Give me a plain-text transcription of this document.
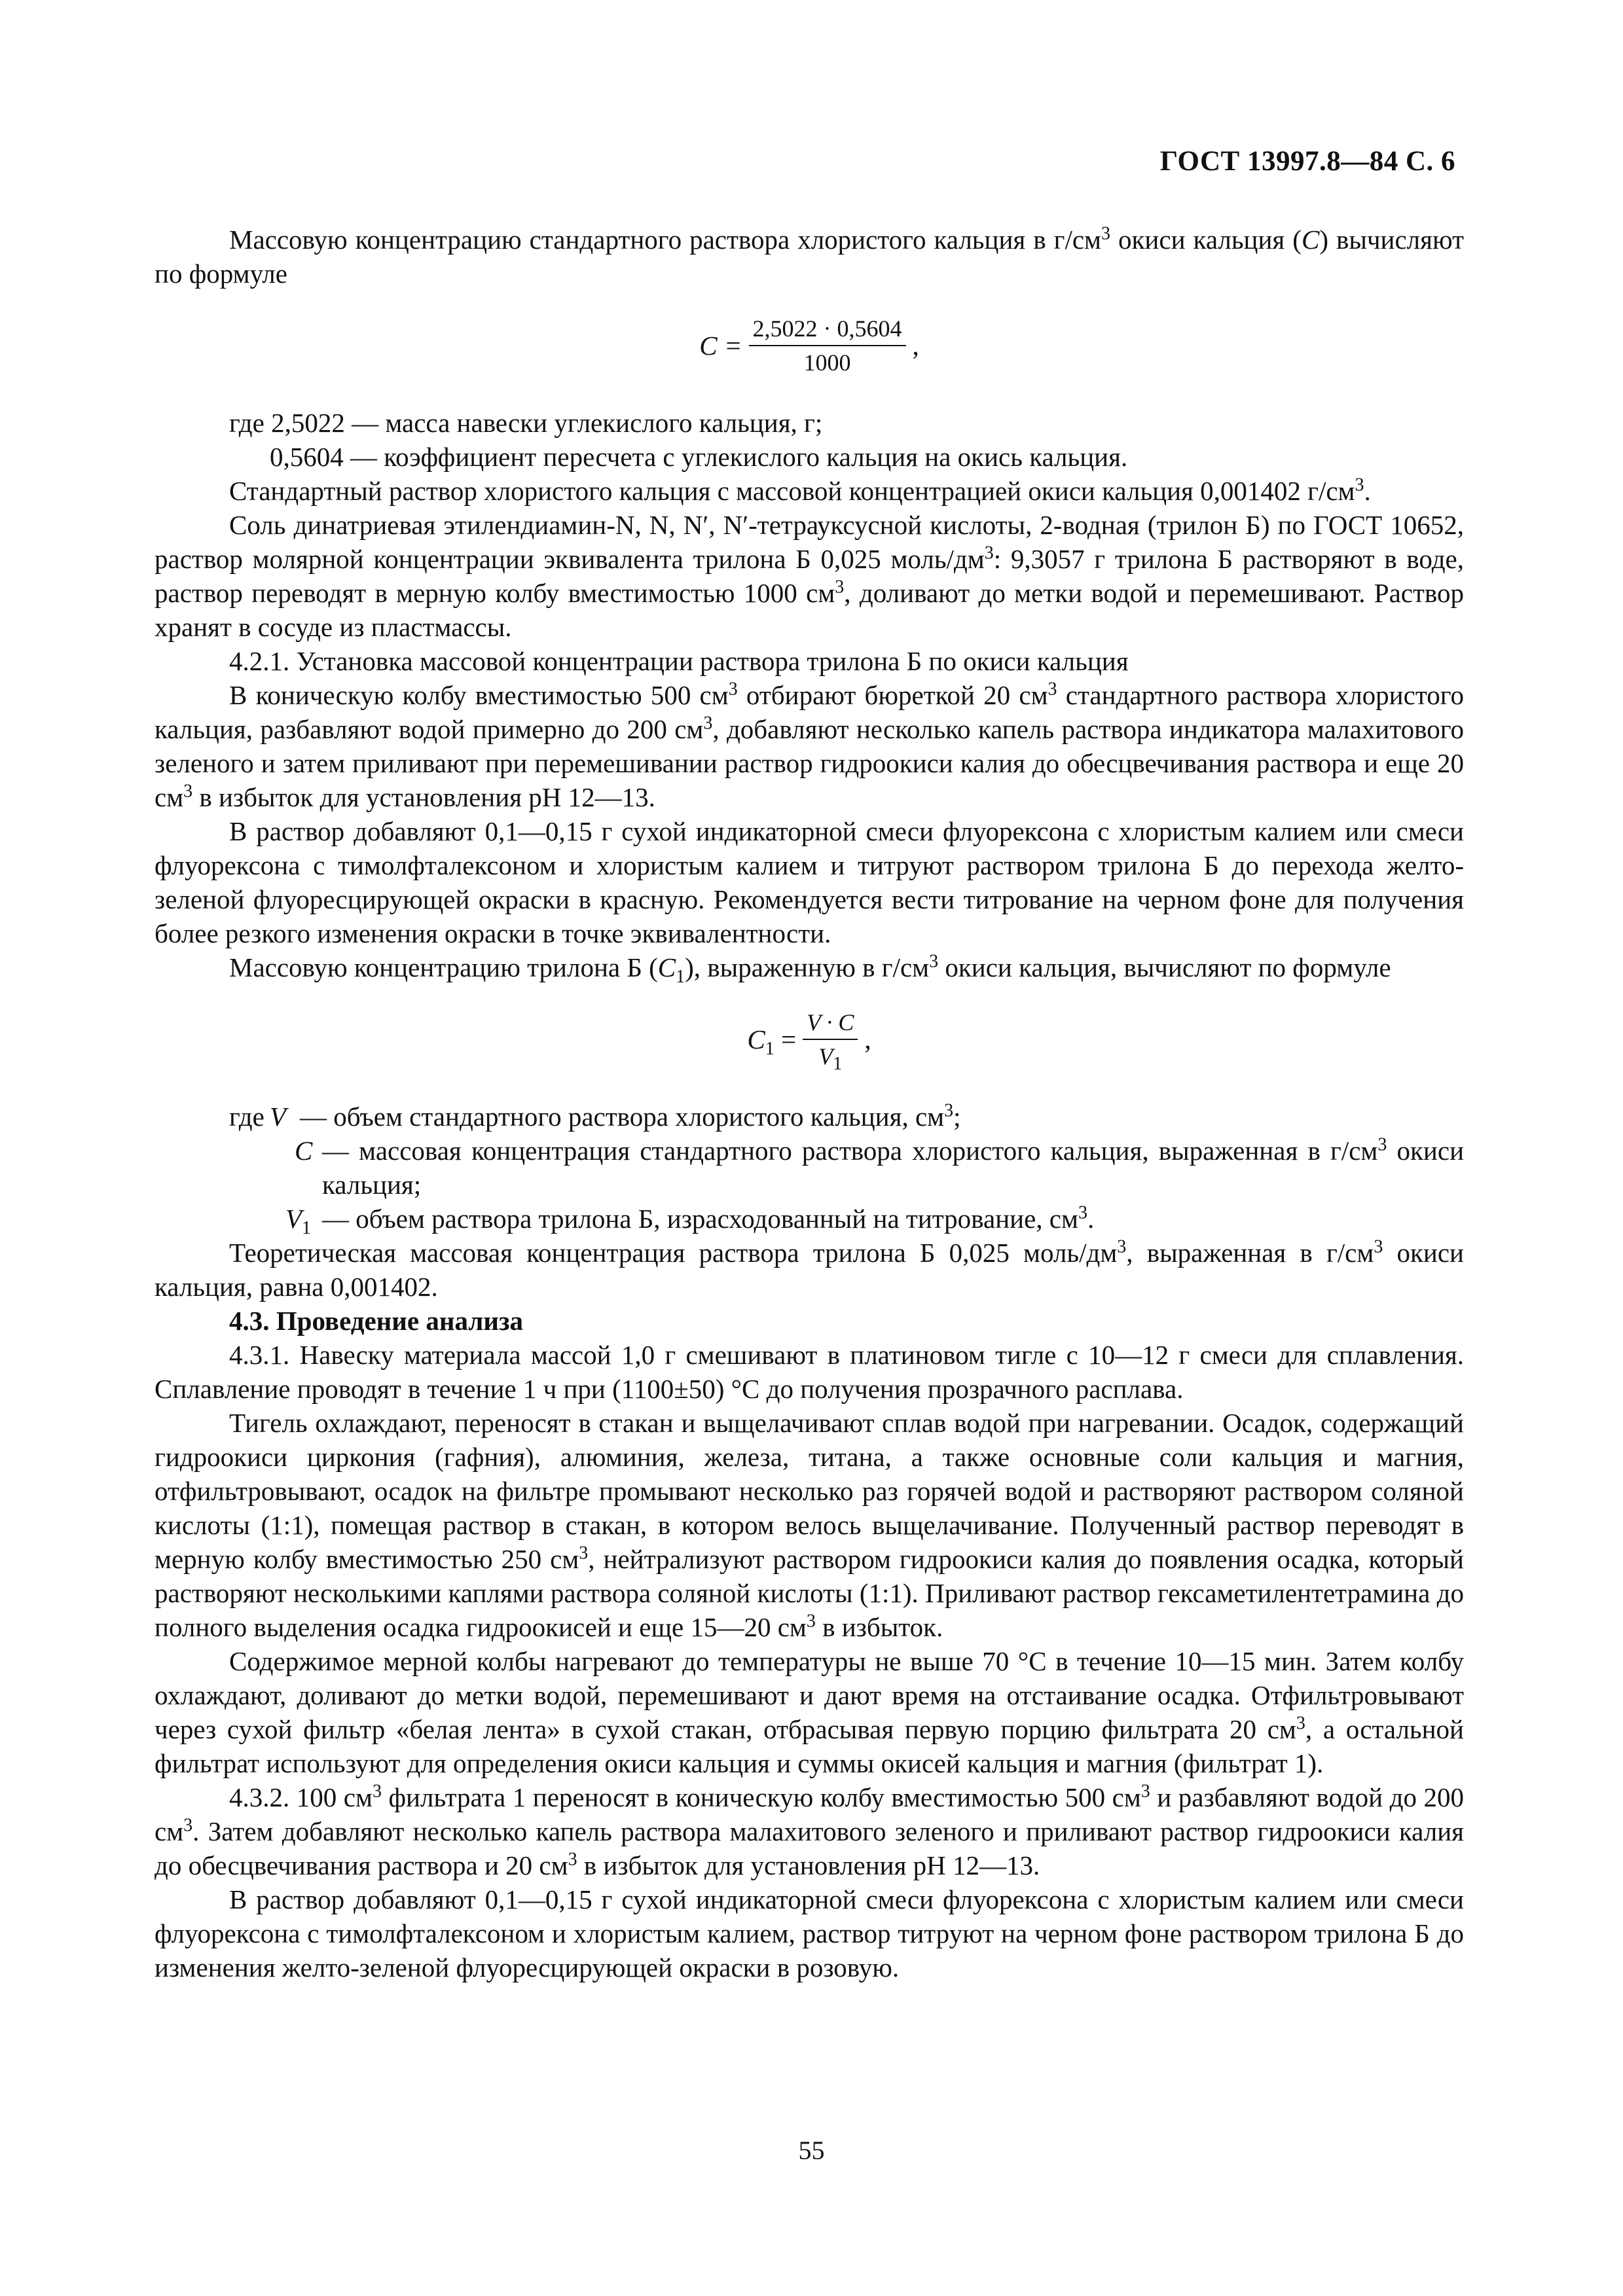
ГОСТ 13997.8—84 С. 6

Массовую концентрацию стандартного раствора хлористого кальция в $г/см^3$ окиси кальция (C) вычисляют по формуле

$C = \frac{2,5022 \cdot 0,5604}{1000}$ ,

где 2,5022 — масса навески углекислого кальция, г;

0,5604 — коэффициент пересчета с углекислого кальция на окись кальция.

Стандартный раствор хлористого кальция с массовой концентрацией окиси кальция 0,001402 $г/см^3$.

Соль динатриевая этилендиамин-N, N, N′, N′-тетрауксусной кислоты, 2-водная (трилон Б) по ГОСТ 10652, раствор молярной концентрации эквивалента трилона Б 0,025 моль/$дм^3$: 9,3057 г трилона Б растворяют в воде, раствор переводят в мерную колбу вместимостью 1000 $см^3$, доливают до метки водой и перемешивают. Раствор хранят в сосуде из пластмассы.

4.2.1. Установка массовой концентрации раствора трилона Б по окиси кальция

В коническую колбу вместимостью 500 $см^3$ отбирают бюреткой 20 $см^3$ стандартного раствора хлористого кальция, разбавляют водой примерно до 200 $см^3$, добавляют несколько капель раствора индикатора малахитового зеленого и затем приливают при перемешивании раствор гидроокиси калия до обесцвечивания раствора и еще 20 $см^3$ в избыток для установления pH 12—13.

В раствор добавляют 0,1—0,15 г сухой индикаторной смеси флуорексона с хлористым калием или смеси флуорексона с тимолфталексоном и хлористым калием и титруют раствором трилона Б до перехода желто-зеленой флуоресцирующей окраски в красную. Рекомендуется вести титрование на черном фоне для получения более резкого изменения окраски в точке эквивалентности.

Массовую концентрацию трилона Б $(C_1)$, выраженную в $г/см^3$ окиси кальция, вычисляют по формуле

$C_1 = \frac{V \cdot C}{V_1}$ ,
где V — объем стандартного раствора хлористого кальция, $см^3$;
C — массовая концентрация стандартного раствора хлористого кальция, выраженная в $г/см^3$ окиси кальция;
$V_1$ — объем раствора трилона Б, израсходованный на титрование, $см^3$.

Теоретическая массовая концентрация раствора трилона Б 0,025 моль/$дм^3$, выраженная в $г/см^3$ окиси кальция, равна 0,001402.

4.3. Проведение анализа

4.3.1. Навеску материала массой 1,0 г смешивают в платиновом тигле с 10—12 г смеси для сплавления. Сплавление проводят в течение 1 ч при (1100±50) °С до получения прозрачного расплава.

Тигель охлаждают, переносят в стакан и выщелачивают сплав водой при нагревании. Осадок, содержащий гидроокиси циркония (гафния), алюминия, железа, титана, а также основные соли кальция и магния, отфильтровывают, осадок на фильтре промывают несколько раз горячей водой и растворяют раствором соляной кислоты (1:1), помещая раствор в стакан, в котором велось выщелачивание. Полученный раствор переводят в мерную колбу вместимостью 250 $см^3$, нейтрализуют раствором гидроокиси калия до появления осадка, который растворяют несколькими каплями раствора соляной кислоты (1:1). Приливают раствор гексаметилентетрамина до полного выделения осадка гидроокисей и еще 15—20 $см^3$ в избыток.

Содержимое мерной колбы нагревают до температуры не выше 70 °С в течение 10—15 мин. Затем колбу охлаждают, доливают до метки водой, перемешивают и дают время на отстаивание осадка. Отфильтровывают через сухой фильтр «белая лента» в сухой стакан, отбрасывая первую порцию фильтрата 20 $см^3$, а остальной фильтрат используют для определения окиси кальция и суммы окисей кальция и магния (фильтрат 1).

4.3.2. 100 $см^3$ фильтрата 1 переносят в коническую колбу вместимостью 500 $см^3$ и разбавляют водой до 200 $см^3$. Затем добавляют несколько капель раствора малахитового зеленого и приливают раствор гидроокиси калия до обесцвечивания раствора и 20 $см^3$ в избыток для установления pH 12—13.

В раствор добавляют 0,1—0,15 г сухой индикаторной смеси флуорексона с хлористым калием или смеси флуорексона с тимолфталексоном и хлористым калием, раствор титруют на черном фоне раствором трилона Б до изменения желто-зеленой флуоресцирующей окраски в розовую.

55
